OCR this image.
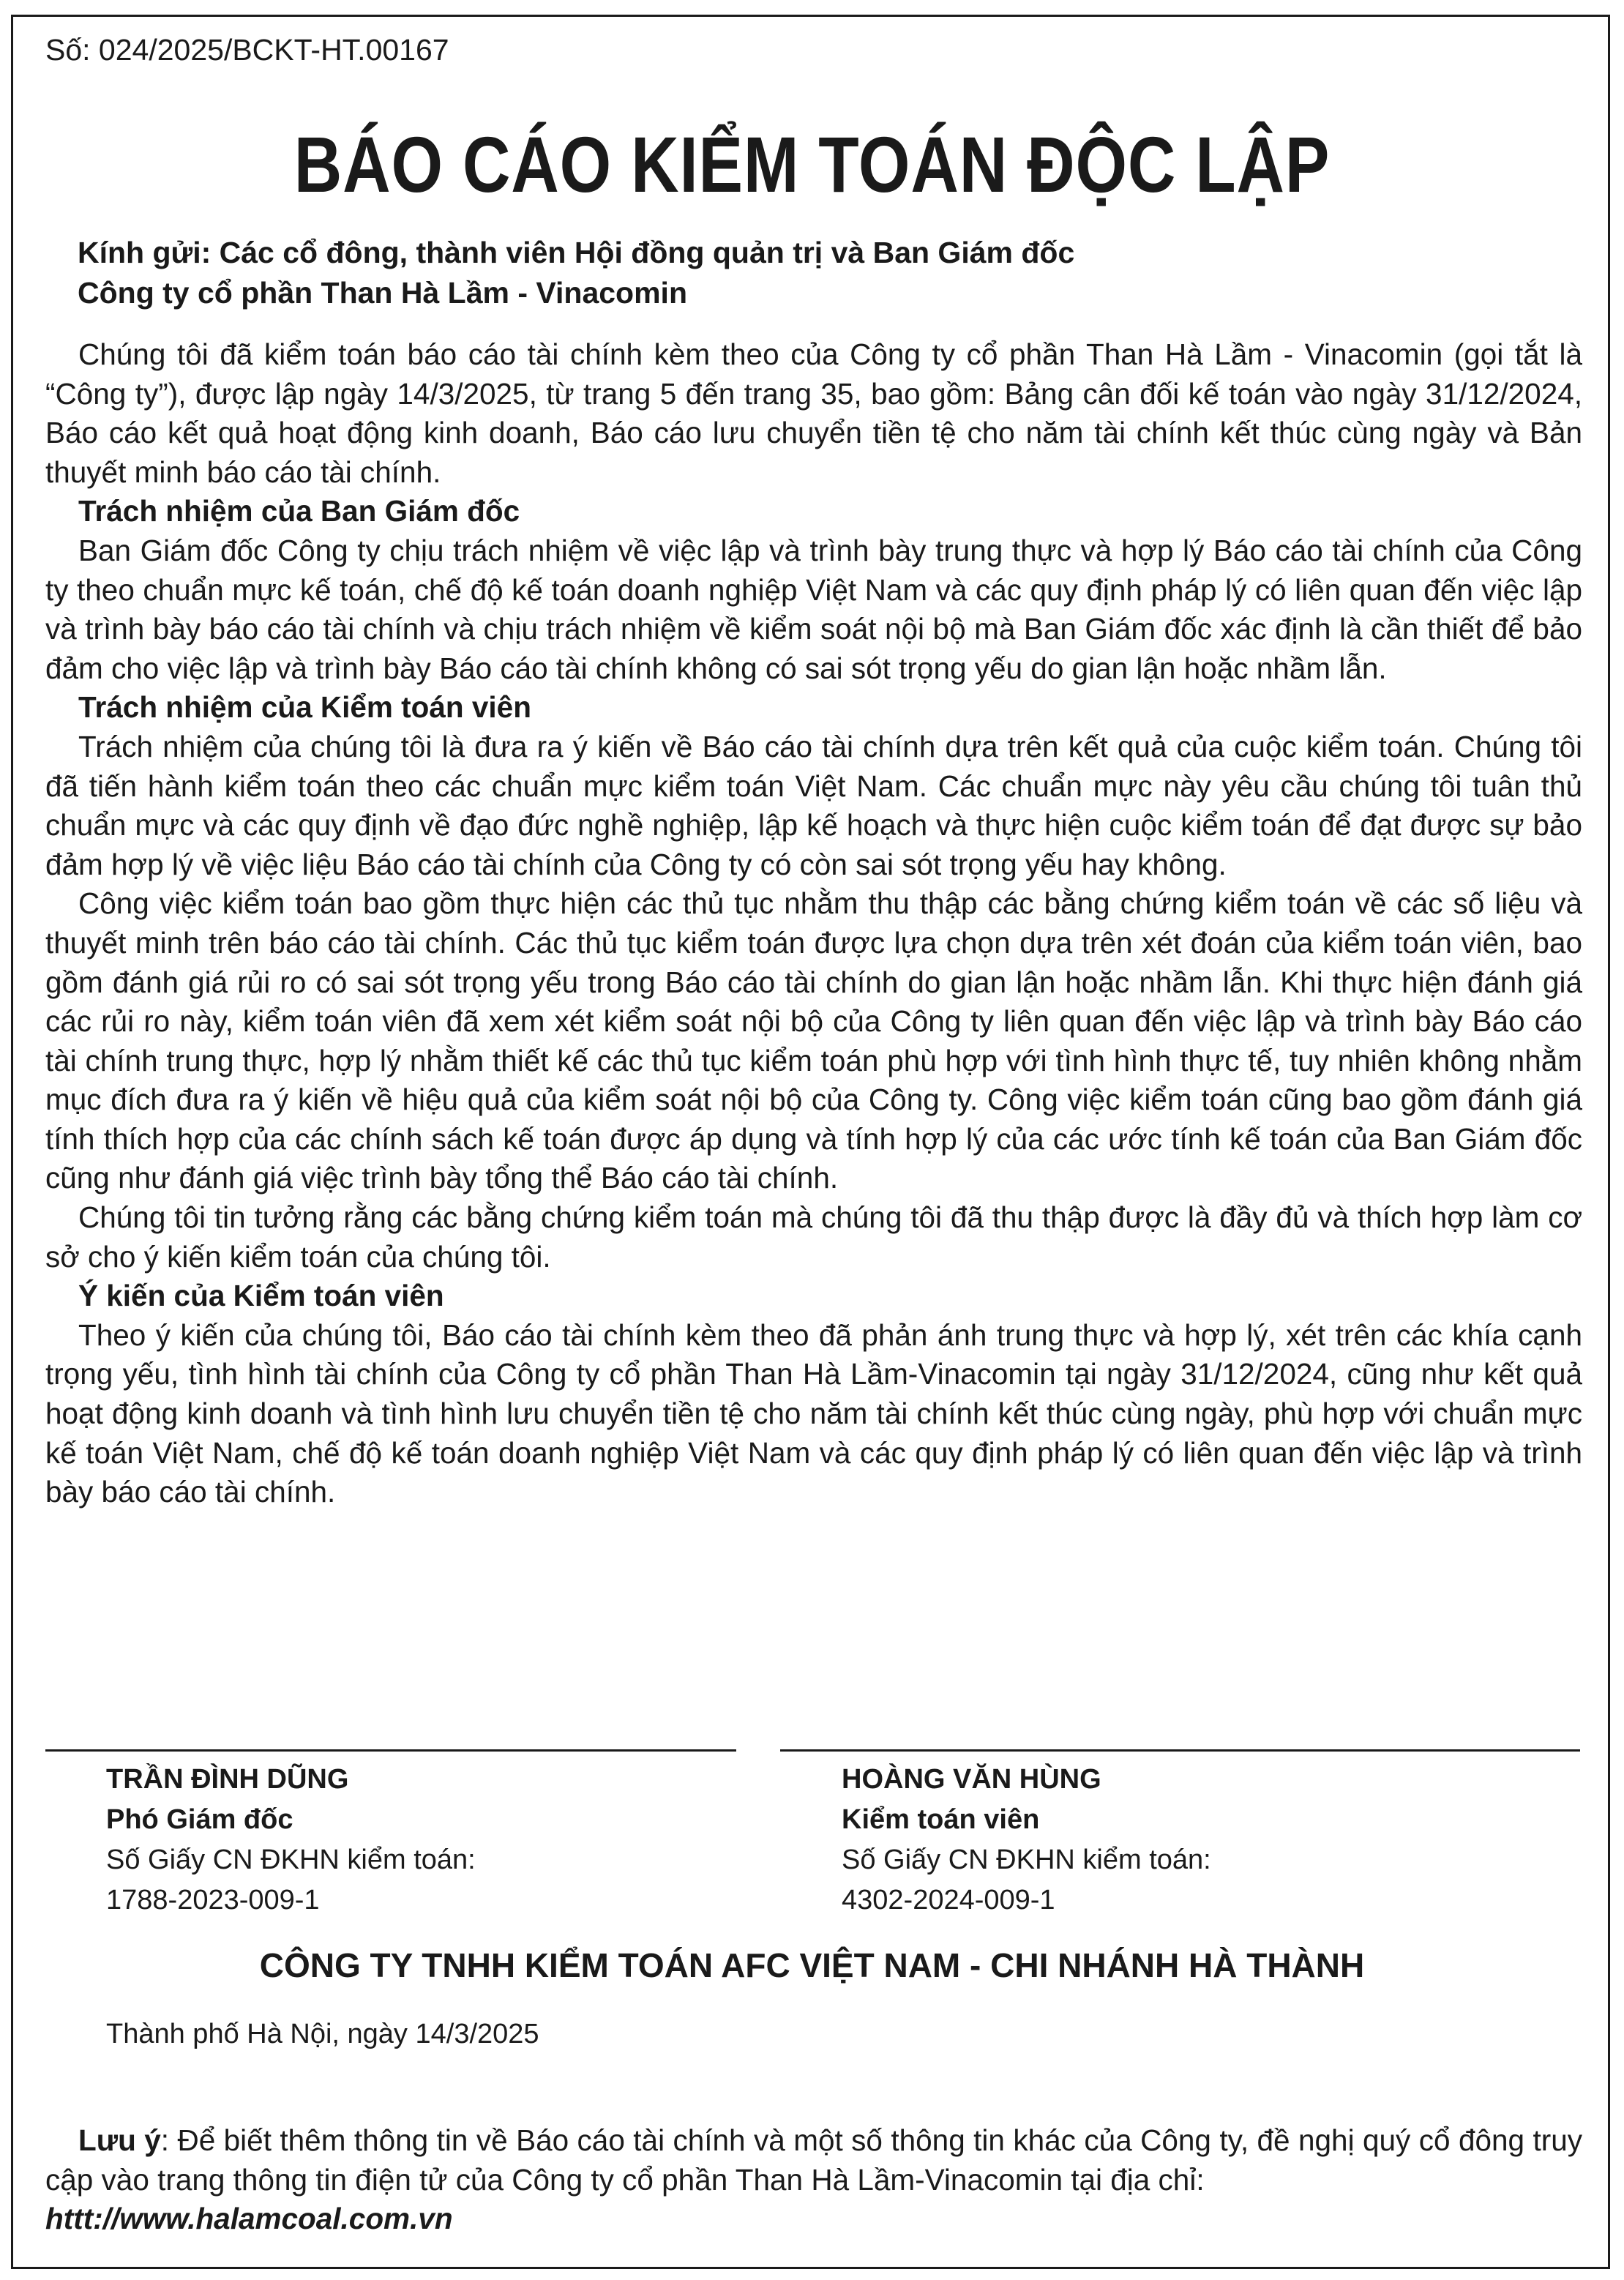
Số: 024/2025/BCKT-HT.00167
BÁO CÁO KIỂM TOÁN ĐỘC LẬP
Kính gửi: Các cổ đông, thành viên Hội đồng quản trị và Ban Giám đốc
Công ty cổ phần Than Hà Lầm - Vinacomin

Chúng tôi đã kiểm toán báo cáo tài chính kèm theo của Công ty cổ phần Than Hà Lầm - Vinacomin (gọi tắt là “Công ty”), được lập ngày 14/3/2025, từ trang 5 đến trang 35, bao gồm: Bảng cân đối kế toán vào ngày 31/12/2024, Báo cáo kết quả hoạt động kinh doanh, Báo cáo lưu chuyển tiền tệ cho năm tài chính kết thúc cùng ngày và Bản thuyết minh báo cáo tài chính.

Trách nhiệm của Ban Giám đốc

Ban Giám đốc Công ty chịu trách nhiệm về việc lập và trình bày trung thực và hợp lý Báo cáo tài chính của Công ty theo chuẩn mực kế toán, chế độ kế toán doanh nghiệp Việt Nam và các quy định pháp lý có liên quan đến việc lập và trình bày báo cáo tài chính và chịu trách nhiệm về kiểm soát nội bộ mà Ban Giám đốc xác định là cần thiết để bảo đảm cho việc lập và trình bày Báo cáo tài chính không có sai sót trọng yếu do gian lận hoặc nhầm lẫn.

Trách nhiệm của Kiểm toán viên

Trách nhiệm của chúng tôi là đưa ra ý kiến về Báo cáo tài chính dựa trên kết quả của cuộc kiểm toán. Chúng tôi đã tiến hành kiểm toán theo các chuẩn mực kiểm toán Việt Nam. Các chuẩn mực này yêu cầu chúng tôi tuân thủ chuẩn mực và các quy định về đạo đức nghề nghiệp, lập kế hoạch và thực hiện cuộc kiểm toán để đạt được sự bảo đảm hợp lý về việc liệu Báo cáo tài chính của Công ty có còn sai sót trọng yếu hay không.

Công việc kiểm toán bao gồm thực hiện các thủ tục nhằm thu thập các bằng chứng kiểm toán về các số liệu và thuyết minh trên báo cáo tài chính. Các thủ tục kiểm toán được lựa chọn dựa trên xét đoán của kiểm toán viên, bao gồm đánh giá rủi ro có sai sót trọng yếu trong Báo cáo tài chính do gian lận hoặc nhầm lẫn. Khi thực hiện đánh giá các rủi ro này, kiểm toán viên đã xem xét kiểm soát nội bộ của Công ty liên quan đến việc lập và trình bày Báo cáo tài chính trung thực, hợp lý nhằm thiết kế các thủ tục kiểm toán phù hợp với tình hình thực tế, tuy nhiên không nhằm mục đích đưa ra ý kiến về hiệu quả của kiểm soát nội bộ của Công ty. Công việc kiểm toán cũng bao gồm đánh giá tính thích hợp của các chính sách kế toán được áp dụng và tính hợp lý của các ước tính kế toán của Ban Giám đốc cũng như đánh giá việc trình bày tổng thể Báo cáo tài chính.

Chúng tôi tin tưởng rằng các bằng chứng kiểm toán mà chúng tôi đã thu thập được là đầy đủ và thích hợp làm cơ sở cho ý kiến kiểm toán của chúng tôi.

Ý kiến của Kiểm toán viên

Theo ý kiến của chúng tôi, Báo cáo tài chính kèm theo đã phản ánh trung thực và hợp lý, xét trên các khía cạnh trọng yếu, tình hình tài chính của Công ty cổ phần Than Hà Lầm-Vinacomin tại ngày 31/12/2024, cũng như kết quả hoạt động kinh doanh và tình hình lưu chuyển tiền tệ cho năm tài chính kết thúc cùng ngày, phù hợp với chuẩn mực kế toán Việt Nam, chế độ kế toán doanh nghiệp Việt Nam và các quy định pháp lý có liên quan đến việc lập và trình bày báo cáo tài chính.

TRẦN ĐÌNH DŨNG
Phó Giám đốc
Số Giấy CN ĐKHN kiểm toán:
1788-2023-009-1
HOÀNG VĂN HÙNG
Kiểm toán viên
Số Giấy CN ĐKHN kiểm toán:
4302-2024-009-1
CÔNG TY TNHH KIỂM TOÁN AFC VIỆT NAM - CHI NHÁNH HÀ THÀNH
Thành phố Hà Nội, ngày 14/3/2025

Lưu ý: Để biết thêm thông tin về Báo cáo tài chính và một số thông tin khác của Công ty, đề nghị quý cổ đông truy cập vào trang thông tin điện tử của Công ty cổ phần Than Hà Lầm-Vinacomin tại địa chỉ:

httt://www.halamcoal.com.vn
